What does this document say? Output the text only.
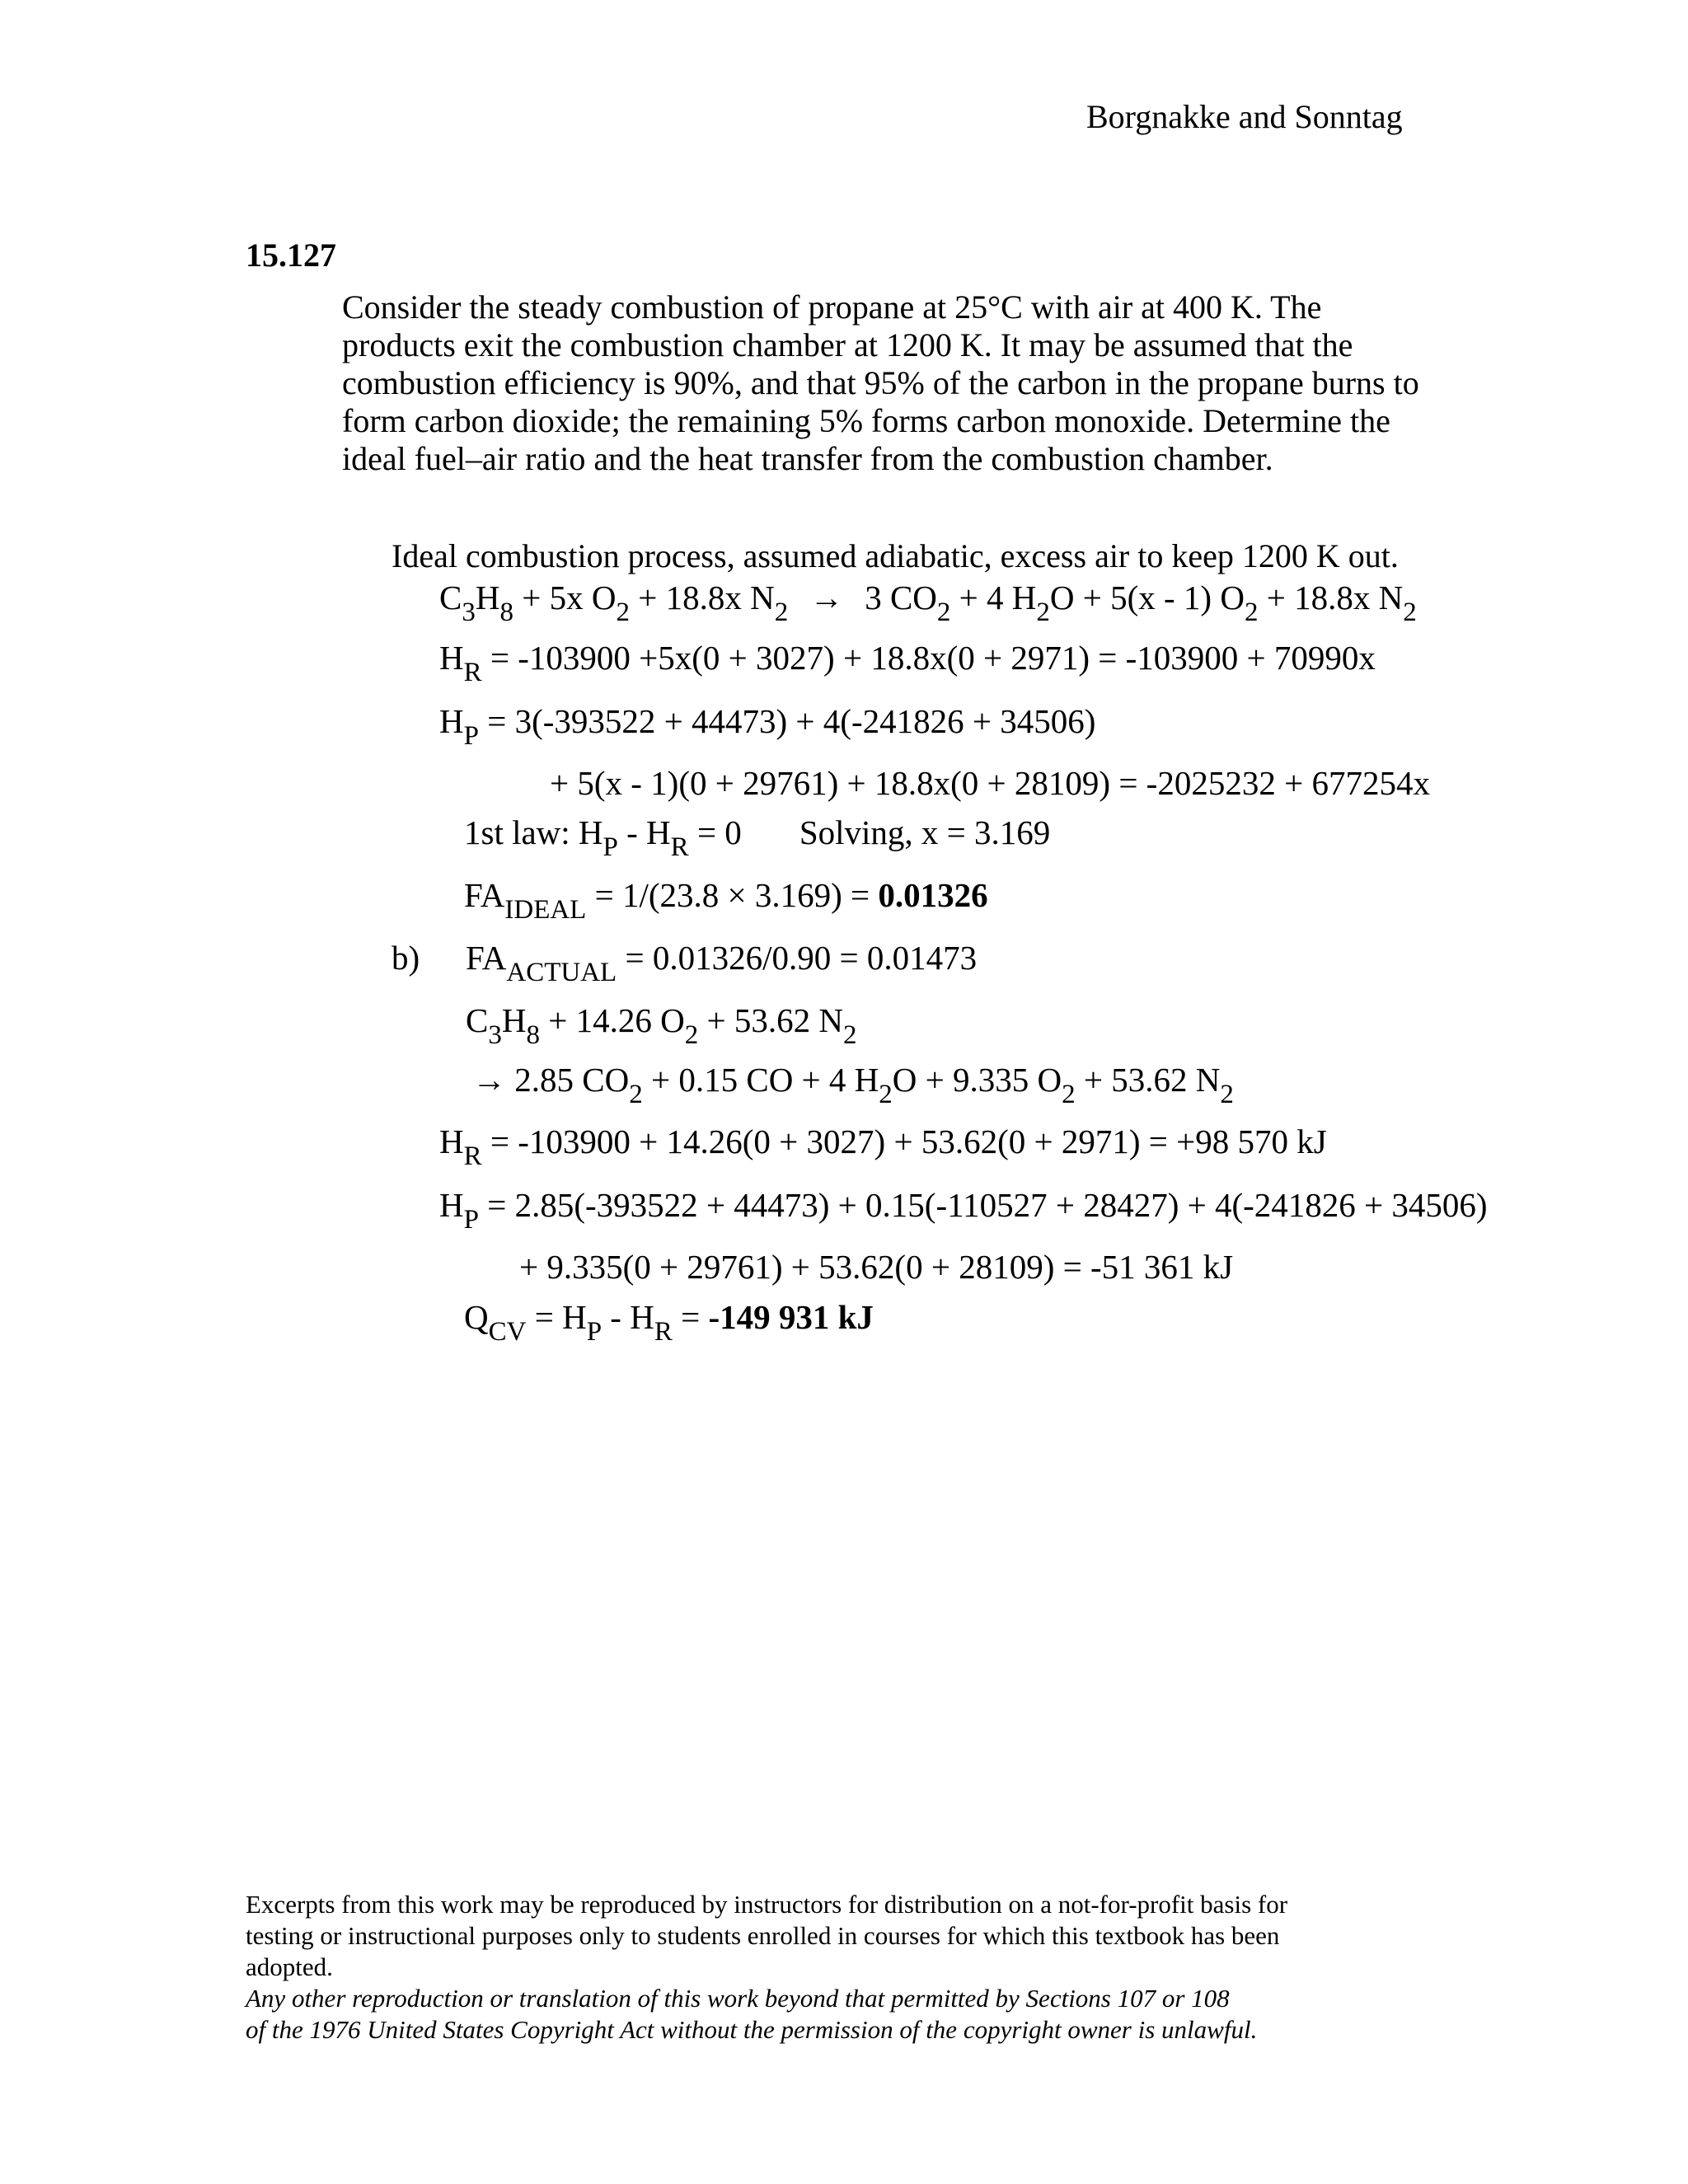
Borgnakke and Sonntag
15.127
Consider the steady combustion of propane at 25°C with air at 400 K. The
products exit the combustion chamber at 1200 K. It may be assumed that the
combustion efficiency is 90%, and that 95% of the carbon in the propane burns to
form carbon dioxide; the remaining 5% forms carbon monoxide. Determine the
ideal fuel–air ratio and the heat transfer from the combustion chamber.
Ideal combustion process, assumed adiabatic, excess air to keep 1200 K out.
$C_3H_8 + 5x$ $O_2 + 18.8x$ $N_2 \to 3$ $CO_2 + 4$ $H_2O + 5(x - 1) O_2 + 18.8x$ $N_2$
$H_R = -103900 +5x(0 + 3027) + 18.8x(0 + 2971) = -103900 + 70990x$
$H_P = 3(-393522 + 44473) + 4(-241826 + 34506)$
+ 5(x - 1)(0 + 29761) + 18.8x(0 + 28109) = -2025232 + 677254x
1st law: $H_P - H_R = 0$ Solving, x = 3.169
$FA_{IDEAL} = 1/(23.8 \times 3.169) = 0.01326$
b) $FA_{ACTUAL} = 0.01326/0.90 = 0.01473$
$C_3H_8 + 14.26$ $O_2 + 53.62$ $N_2$
→ 2.85 $CO_2 + 0.15$ CO + 4 $H_2O + 9.335$ $O_2 + 53.62$ $N_2$
$H_R = -103900 + 14.26(0 + 3027) + 53.62(0 + 2971) = +98$ 570 kJ
$H_P = 2.85(-393522 + 44473) + 0.15(-110527 + 28427) + 4(-241826 + 34506)$
+ 9.335(0 + 29761) + 53.62(0 + 28109) = -51 361 kJ
$Q_{CV} = H_P - H_R = -149$ 931 kJ
Excerpts from this work may be reproduced by instructors for distribution on a not-for-profit basis for
testing or instructional purposes only to students enrolled in courses for which this textbook has been
adopted.
Any other reproduction or translation of this work beyond that permitted by Sections 107 or 108
of the 1976 United States Copyright Act without the permission of the copyright owner is unlawful.
